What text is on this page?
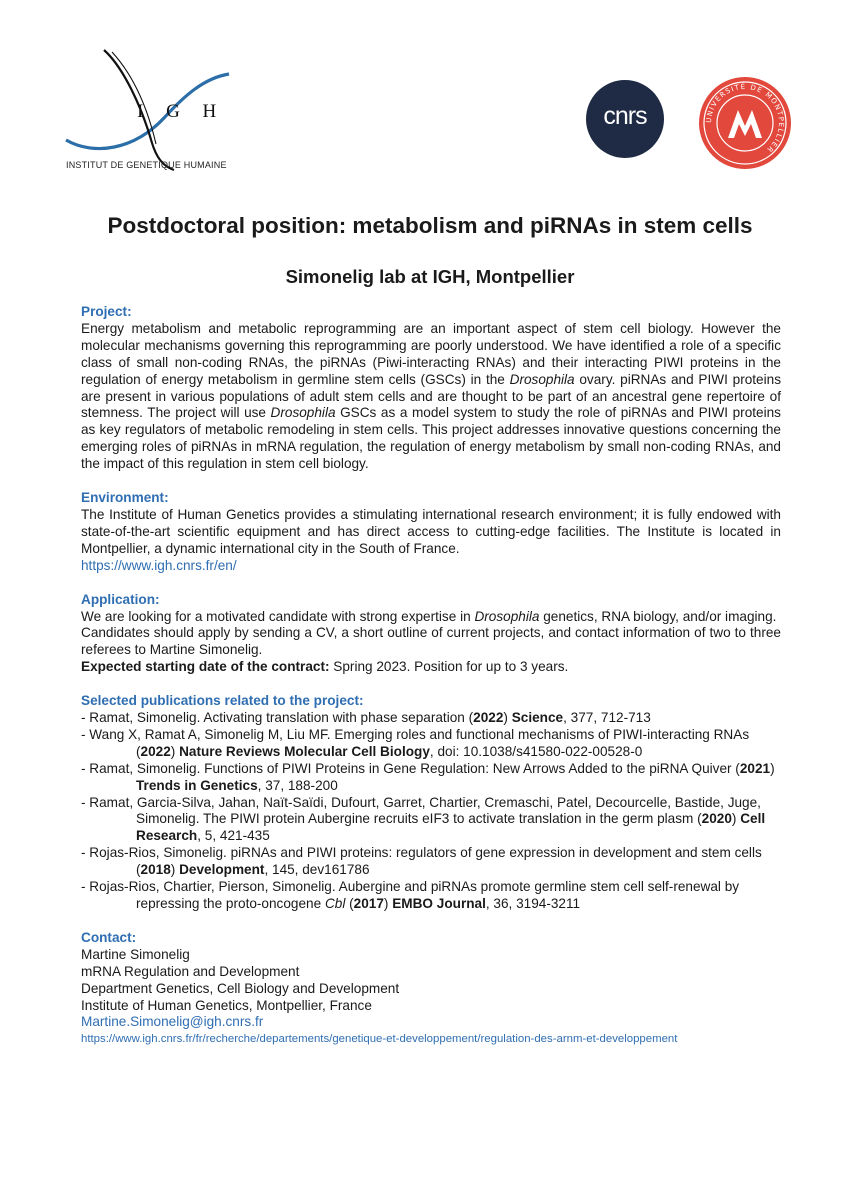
I G H
INSTITUT DE GENETIQUE HUMAINE
cnrs	UNIVERSITÉ DE MONTPELLIER
Postdoctoral position: metabolism and piRNAs in stem cells
Simonelig lab at IGH, Montpellier
Project:
Energy metabolism and metabolic reprogramming are an important aspect of stem cell biology. However the molecular mechanisms governing this reprogramming are poorly understood. We have identified a role of a specific class of small non-coding RNAs, the piRNAs (Piwi-interacting RNAs) and their interacting PIWI proteins in the regulation of energy metabolism in germline stem cells (GSCs) in the Drosophila ovary. piRNAs and PIWI proteins are present in various populations of adult stem cells and are thought to be part of an ancestral gene repertoire of stemness. The project will use Drosophila GSCs as a model system to study the role of piRNAs and PIWI proteins as key regulators of metabolic remodeling in stem cells. This project addresses innovative questions concerning the emerging roles of piRNAs in mRNA regulation, the regulation of energy metabolism by small non-coding RNAs, and the impact of this regulation in stem cell biology.
Environment:
The Institute of Human Genetics provides a stimulating international research environment; it is fully endowed with state-of-the-art scientific equipment and has direct access to cutting-edge facilities. The Institute is located in Montpellier, a dynamic international city in the South of France.
https://www.igh.cnrs.fr/en/
Application:
We are looking for a motivated candidate with strong expertise in Drosophila genetics, RNA biology, and/or imaging.
Candidates should apply by sending a CV, a short outline of current projects, and contact information of two to three referees to Martine Simonelig.
Expected starting date of the contract: Spring 2023. Position for up to 3 years.
Selected publications related to the project:
- Ramat, Simonelig. Activating translation with phase separation (2022) Science, 377, 712-713
- Wang X, Ramat A, Simonelig M, Liu MF. Emerging roles and functional mechanisms of PIWI-interacting RNAs (2022) Nature Reviews Molecular Cell Biology, doi: 10.1038/s41580-022-00528-0
- Ramat, Simonelig. Functions of PIWI Proteins in Gene Regulation: New Arrows Added to the piRNA Quiver (2021) Trends in Genetics, 37, 188-200
- Ramat, Garcia-Silva, Jahan, Naït-Saïdi, Dufourt, Garret, Chartier, Cremaschi, Patel, Decourcelle, Bastide, Juge, Simonelig. The PIWI protein Aubergine recruits eIF3 to activate translation in the germ plasm (2020) Cell Research, 5, 421-435
- Rojas-Rios, Simonelig. piRNAs and PIWI proteins: regulators of gene expression in development and stem cells (2018) Development, 145, dev161786
- Rojas-Rios, Chartier, Pierson, Simonelig. Aubergine and piRNAs promote germline stem cell self-renewal by repressing the proto-oncogene Cbl (2017) EMBO Journal, 36, 3194-3211
Contact:
Martine Simonelig
mRNA Regulation and Development
Department Genetics, Cell Biology and Development
Institute of Human Genetics, Montpellier, France
Martine.Simonelig@igh.cnrs.fr
https://www.igh.cnrs.fr/fr/recherche/departements/genetique-et-developpement/regulation-des-arnm-et-developpement
